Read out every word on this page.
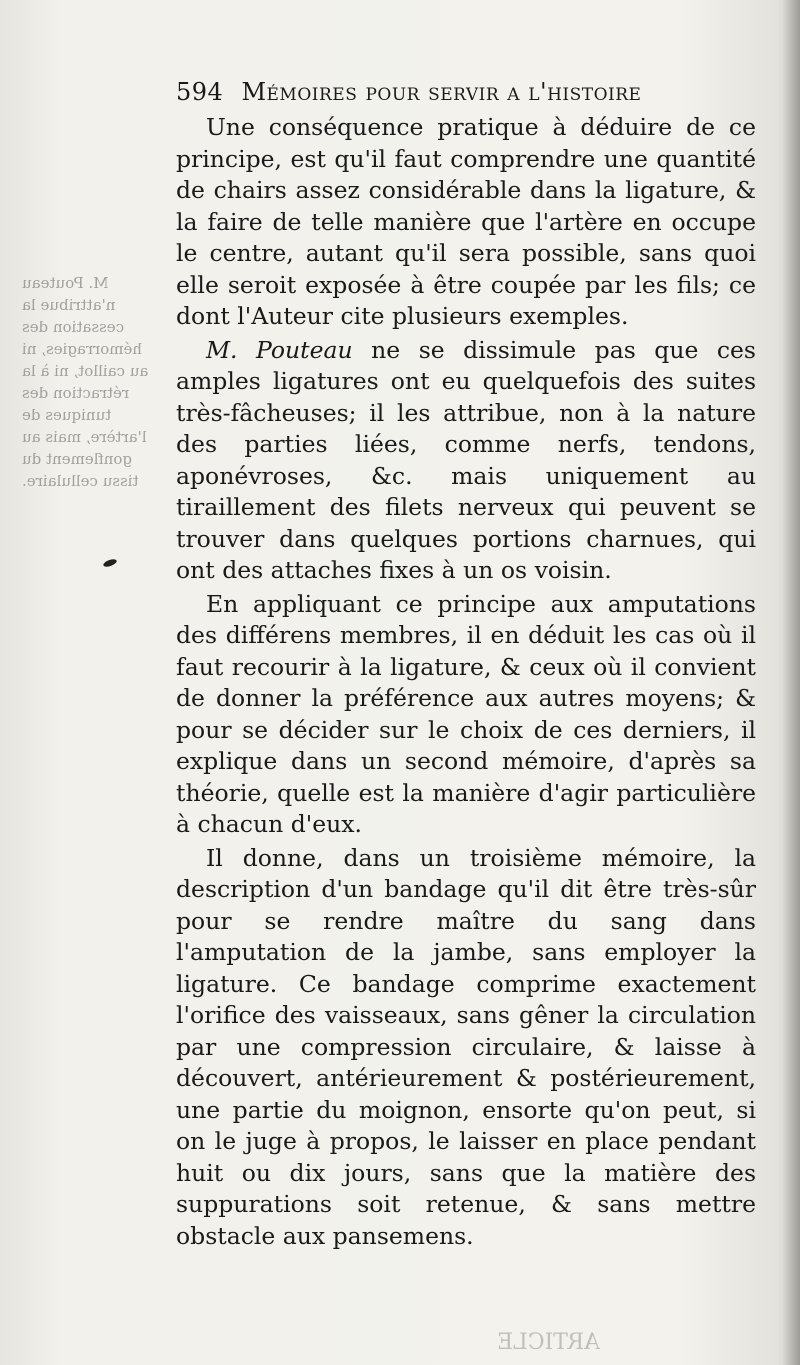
M. Pouteau n'attribue la cessation des hémorragies, ni au caillot, ni à la rétraction des tuniques de l'artère, mais au gonflement du tissu cellulaire.
594 Mémoires pour servir a l'histoire

Une conséquence pratique à déduire de ce principe, est qu'il faut comprendre une quantité de chairs assez considérable dans la ligature, & la faire de telle manière que l'artère en occupe le centre, autant qu'il sera possible, sans quoi elle seroit exposée à être coupée par les fils; ce dont l'Auteur cite plusieurs exemples.

M. Pouteau ne se dissimule pas que ces amples ligatures ont eu quelquefois des suites très-fâcheuses; il les attribue, non à la nature des parties liées, comme nerfs, tendons, aponévroses, &c. mais uniquement au tiraillement des filets nerveux qui peuvent se trouver dans quelques portions charnues, qui ont des attaches fixes à un os voisin.

En appliquant ce principe aux amputations des différens membres, il en déduit les cas où il faut recourir à la ligature, & ceux où il convient de donner la préférence aux autres moyens; & pour se décider sur le choix de ces derniers, il explique dans un second mémoire, d'après sa théorie, quelle est la manière d'agir particulière à chacun d'eux.

Il donne, dans un troisième mémoire, la description d'un bandage qu'il dit être très-sûr pour se rendre maître du sang dans l'amputation de la jambe, sans employer la ligature. Ce bandage comprime exactement l'orifice des vaisseaux, sans gêner la circulation par une compression circulaire, & laisse à découvert, antérieurement & postérieurement, une partie du moignon, ensorte qu'on peut, si on le juge à propos, le laisser en place pendant huit ou dix jours, sans que la matière des suppurations soit retenue, & sans mettre obstacle aux pansemens.

ARTICLE
